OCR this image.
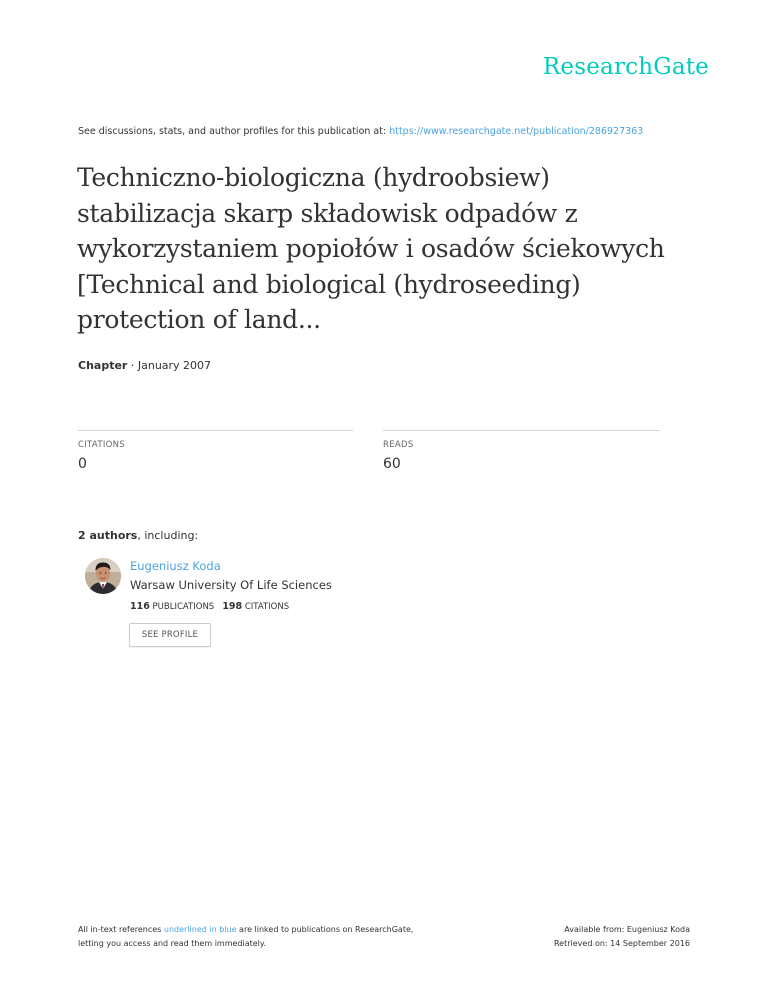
ResearchGate
See discussions, stats, and author profiles for this publication at: https://www.researchgate.net/publication/286927363
Techniczno-biologiczna (hydroobsiew)
stabilizacja skarp składowisk odpadów z
wykorzystaniem popiołów i osadów ściekowych
[Technical and biological (hydroseeding)
protection of land...
Chapter · January 2007
CITATIONS
0
READS
60
2 authors, including:
Eugeniusz Koda
Warsaw University Of Life Sciences
116 PUBLICATIONS 198 CITATIONS
SEE PROFILE
All in-text references underlined in blue are linked to publications on ResearchGate,
letting you access and read them immediately.
Available from: Eugeniusz Koda
Retrieved on: 14 September 2016
